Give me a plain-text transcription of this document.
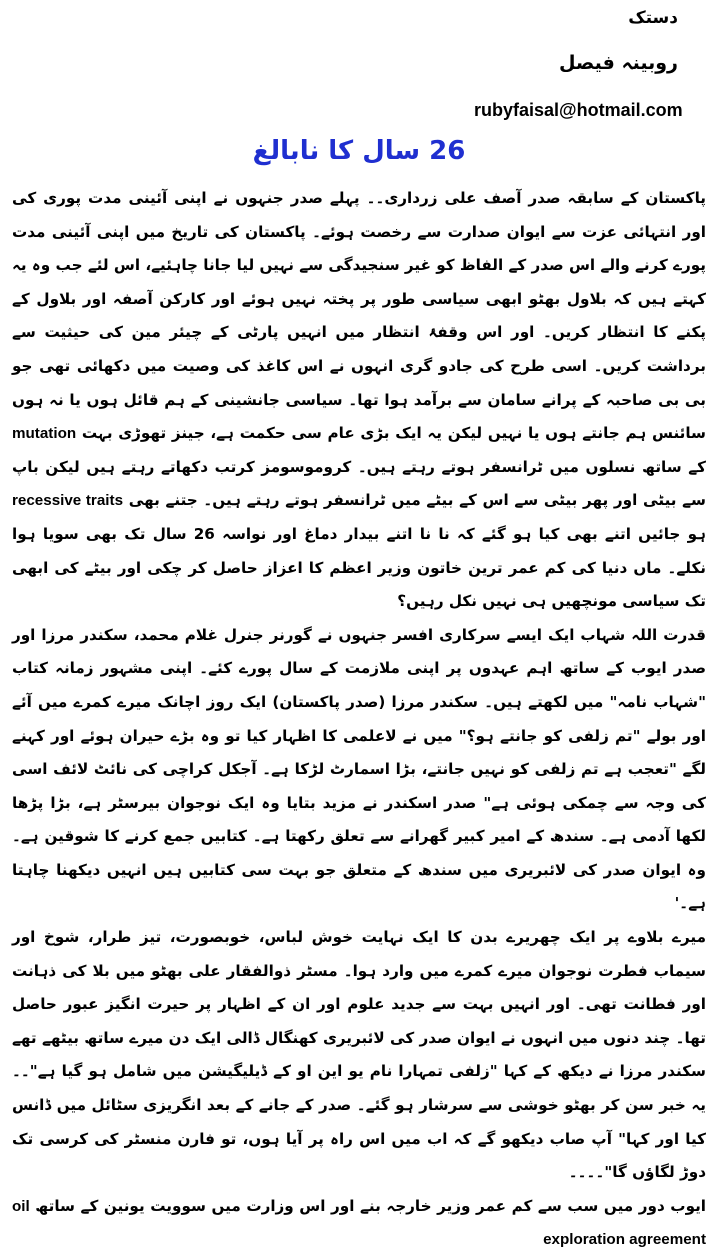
دستک
روبینہ فیصل
rubyfaisal@hotmail.com
26 سال کا نابالغ

پاکستان کے سابقہ صدر آصف علی زرداری۔۔ پہلے صدر جنہوں نے اپنی آئینی مدت پوری کی اور انتہائی عزت سے ایوان صدارت سے رخصت ہوئے۔ پاکستان کی تاریخ میں اپنی آئینی مدت پورے کرنے والے اس صدر کے الفاظ کو غیر سنجیدگی سے نہیں لیا جانا چاہئیے، اس لئے جب وہ یہ کہتے ہیں کہ بلاول بھٹو ابھی سیاسی طور پر پختہ نہیں ہوئے اور کارکن آصفہ اور بلاول کے پکنے کا انتظار کریں۔ اور اس وقفۂ انتظار میں انہیں پارٹی کے چیئر مین کی حیثیت سے برداشت کریں۔ اسی طرح کی جادو گری انہوں نے اس کاغذ کی وصیت میں دکھائی تھی جو بی بی صاحبہ کے پرانے سامان سے برآمد ہوا تھا۔ سیاسی جانشینی کے ہم قائل ہوں یا نہ ہوں سائنس ہم جانتے ہوں یا نہیں لیکن یہ ایک بڑی عام سی حکمت ہے، جینز تھوڑی بہت mutation کے ساتھ نسلوں میں ٹرانسفر ہوتے رہتے ہیں۔ کروموسومز کرتب دکھاتے رہتے ہیں لیکن باپ سے بیٹی اور پھر بیٹی سے اس کے بیٹے میں ٹرانسفر ہوتے رہتے ہیں۔ جتنے بھی recessive traits ہو جائیں اتنے بھی کیا ہو گئے کہ نا نا اتنے بیدار دماغ اور نواسہ 26 سال تک بھی سویا ہوا نکلے۔ ماں دنیا کی کم عمر ترین خاتون وزیر اعظم کا اعزاز حاصل کر چکی اور بیٹے کی ابھی تک سیاسی مونچھیں ہی نہیں نکل رہیں؟

قدرت اللہ شہاب ایک ایسے سرکاری افسر جنہوں نے گورنر جنرل غلام محمد، سکندر مرزا اور صدر ایوب کے ساتھ اہم عہدوں پر اپنی ملازمت کے سال پورے کئے۔ اپنی مشہور زمانہ کتاب "شہاب نامہ" میں لکھتے ہیں۔ سکندر مرزا (صدر پاکستان) ایک روز اچانک میرے کمرے میں آئے اور بولے "تم زلفی کو جانتے ہو؟" میں نے لاعلمی کا اظہار کیا تو وہ بڑے حیران ہوئے اور کہنے لگے "تعجب ہے تم زلفی کو نہیں جانتے، بڑا اسمارٹ لڑکا ہے۔ آجکل کراچی کی نائٹ لائف اسی کی وجہ سے چمکی ہوئی ہے" صدر اسکندر نے مزید بتایا وہ ایک نوجوان بیرسٹر ہے، بڑا پڑھا لکھا آدمی ہے۔ سندھ کے امیر کبیر گھرانے سے تعلق رکھتا ہے۔ کتابیں جمع کرنے کا شوقین ہے۔ وہ ایوان صدر کی لائبریری میں سندھ کے متعلق جو بہت سی کتابیں ہیں انہیں دیکھنا چاہتا ہے۔'

میرے بلاوے پر ایک چھریرے بدن کا ایک نہایت خوش لباس، خوبصورت، تیز طرار، شوخ اور سیماب فطرت نوجوان میرے کمرے میں وارد ہوا۔ مسٹر ذوالفقار علی بھٹو میں بلا کی ذہانت اور فطانت تھی۔ اور انہیں بہت سے جدید علوم اور ان کے اظہار پر حیرت انگیز عبور حاصل تھا۔ چند دنوں میں انہوں نے ایوان صدر کی لائبریری کھنگال ڈالی ایک دن میرے ساتھ بیٹھے تھے سکندر مرزا نے دیکھ کے کہا "زلفی تمہارا نام یو این او کے ڈیلیگیشن میں شامل ہو گیا ہے"۔۔ یہ خبر سن کر بھٹو خوشی سے سرشار ہو گئے۔ صدر کے جانے کے بعد انگریزی سٹائل میں ڈانس کیا اور کہا" آپ صاب دیکھو گے کہ اب میں اس راہ پر آیا ہوں، تو فارن منسٹر کی کرسی تک دوڑ لگاؤں گا"۔۔۔۔

ایوب دور میں سب سے کم عمر وزیر خارجہ بنے اور اس وزارت میں سوویت یونین کے ساتھ oil exploration agreement
